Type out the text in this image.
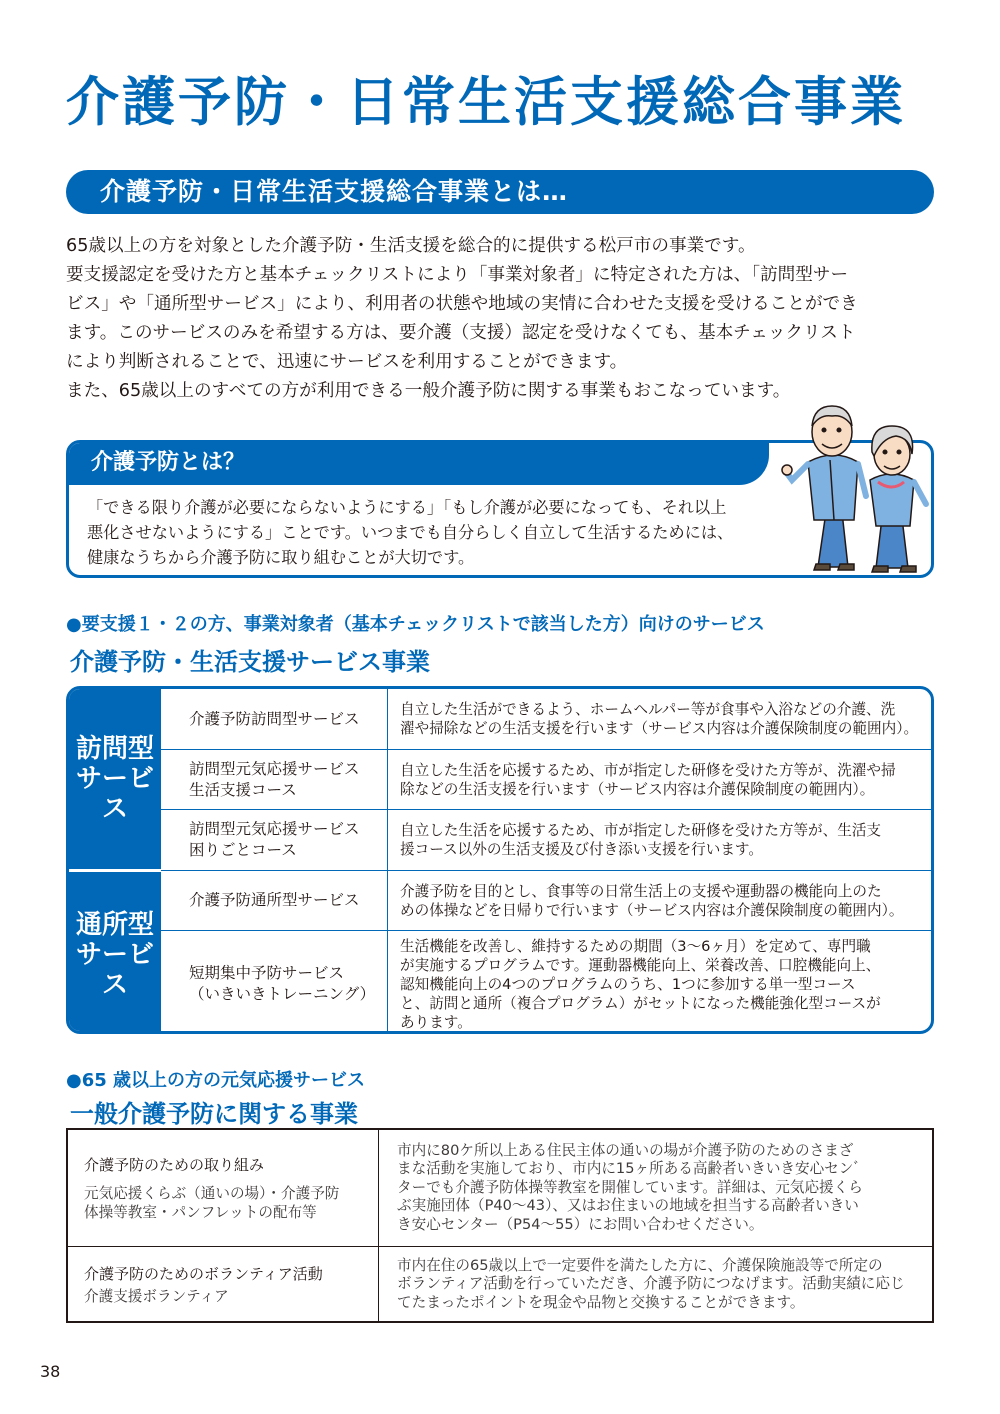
介護予防・日常生活支援総合事業
介護予防・日常生活支援総合事業とは…

65歳以上の方を対象とした介護予防・生活支援を総合的に提供する松戸市の事業です。

要支援認定を受けた方と基本チェックリストにより「事業対象者」に特定された方は、「訪問型サー

ビス」や「通所型サービス」により、利用者の状態や地域の実情に合わせた支援を受けることができ

ます。このサービスのみを希望する方は、要介護（支援）認定を受けなくても、基本チェックリスト

により判断されることで、迅速にサービスを利用することができます。

また、65歳以上のすべての方が利用できる一般介護予防に関する事業もおこなっています。

介護予防とは？

「できる限り介護が必要にならないようにする」「もし介護が必要になっても、それ以上

悪化させないようにする」ことです。いつまでも自分らしく自立して生活するためには、

健康なうちから介護予防に取り組むことが大切です。

●要支援１・２の方、事業対象者（基本チェックリストで該当した方）向けのサービス
介護予防・生活支援サービス事業
訪問型
サービス
通所型
サービス
介護予防訪問型サービス	自立した生活ができるよう、ホームヘルパー等が食事や入浴などの介護、洗
濯や掃除などの生活支援を行います（サービス内容は介護保険制度の範囲内）。
訪問型元気応援サービス
生活支援コース
自立した生活を応援するため、市が指定した研修を受けた方等が、洗濯や掃
除などの生活支援を行います（サービス内容は介護保険制度の範囲内）。
訪問型元気応援サービス
困りごとコース
自立した生活を応援するため、市が指定した研修を受けた方等が、生活支
援コース以外の生活支援及び付き添い支援を行います。
介護予防通所型サービス	介護予防を目的とし、食事等の日常生活上の支援や運動器の機能向上のた
めの体操などを日帰りで行います（サービス内容は介護保険制度の範囲内）。
短期集中予防サービス
（いきいきトレーニング）
生活機能を改善し、維持するための期間（3～6ヶ月）を定めて、専門職
が実施するプログラムです。運動器機能向上、栄養改善、口腔機能向上、
認知機能向上の4つのプログラムのうち、1つに参加する単一型コース
と、訪問と通所（複合プログラム）がセットになった機能強化型コースが
あります。
●65 歳以上の方の元気応援サービス
一般介護予防に関する事業
介護予防のための取り組み
元気応援くらぶ（通いの場）・介護予防
体操等教室・パンフレットの配布等
市内に80ケ所以上ある住民主体の通いの場が介護予防のためのさまざ
まな活動を実施しており、市内に15ヶ所ある高齢者いきいき安心センﾞ
ターでも介護予防体操等教室を開催しています。詳細は、元気応援くら
ぶ実施団体（P40～43）、又はお住まいの地域を担当する高齢者いきい
き安心センター（P54～55）にお問い合わせください。
介護予防のためのボランティア活動
介護支援ボランティア
市内在住の65歳以上で一定要件を満たした方に、介護保険施設等で所定の
ボランティア活動を行っていただき、介護予防につなげます。活動実績に応じ
てたまったポイントを現金や品物と交換することができます。
38
